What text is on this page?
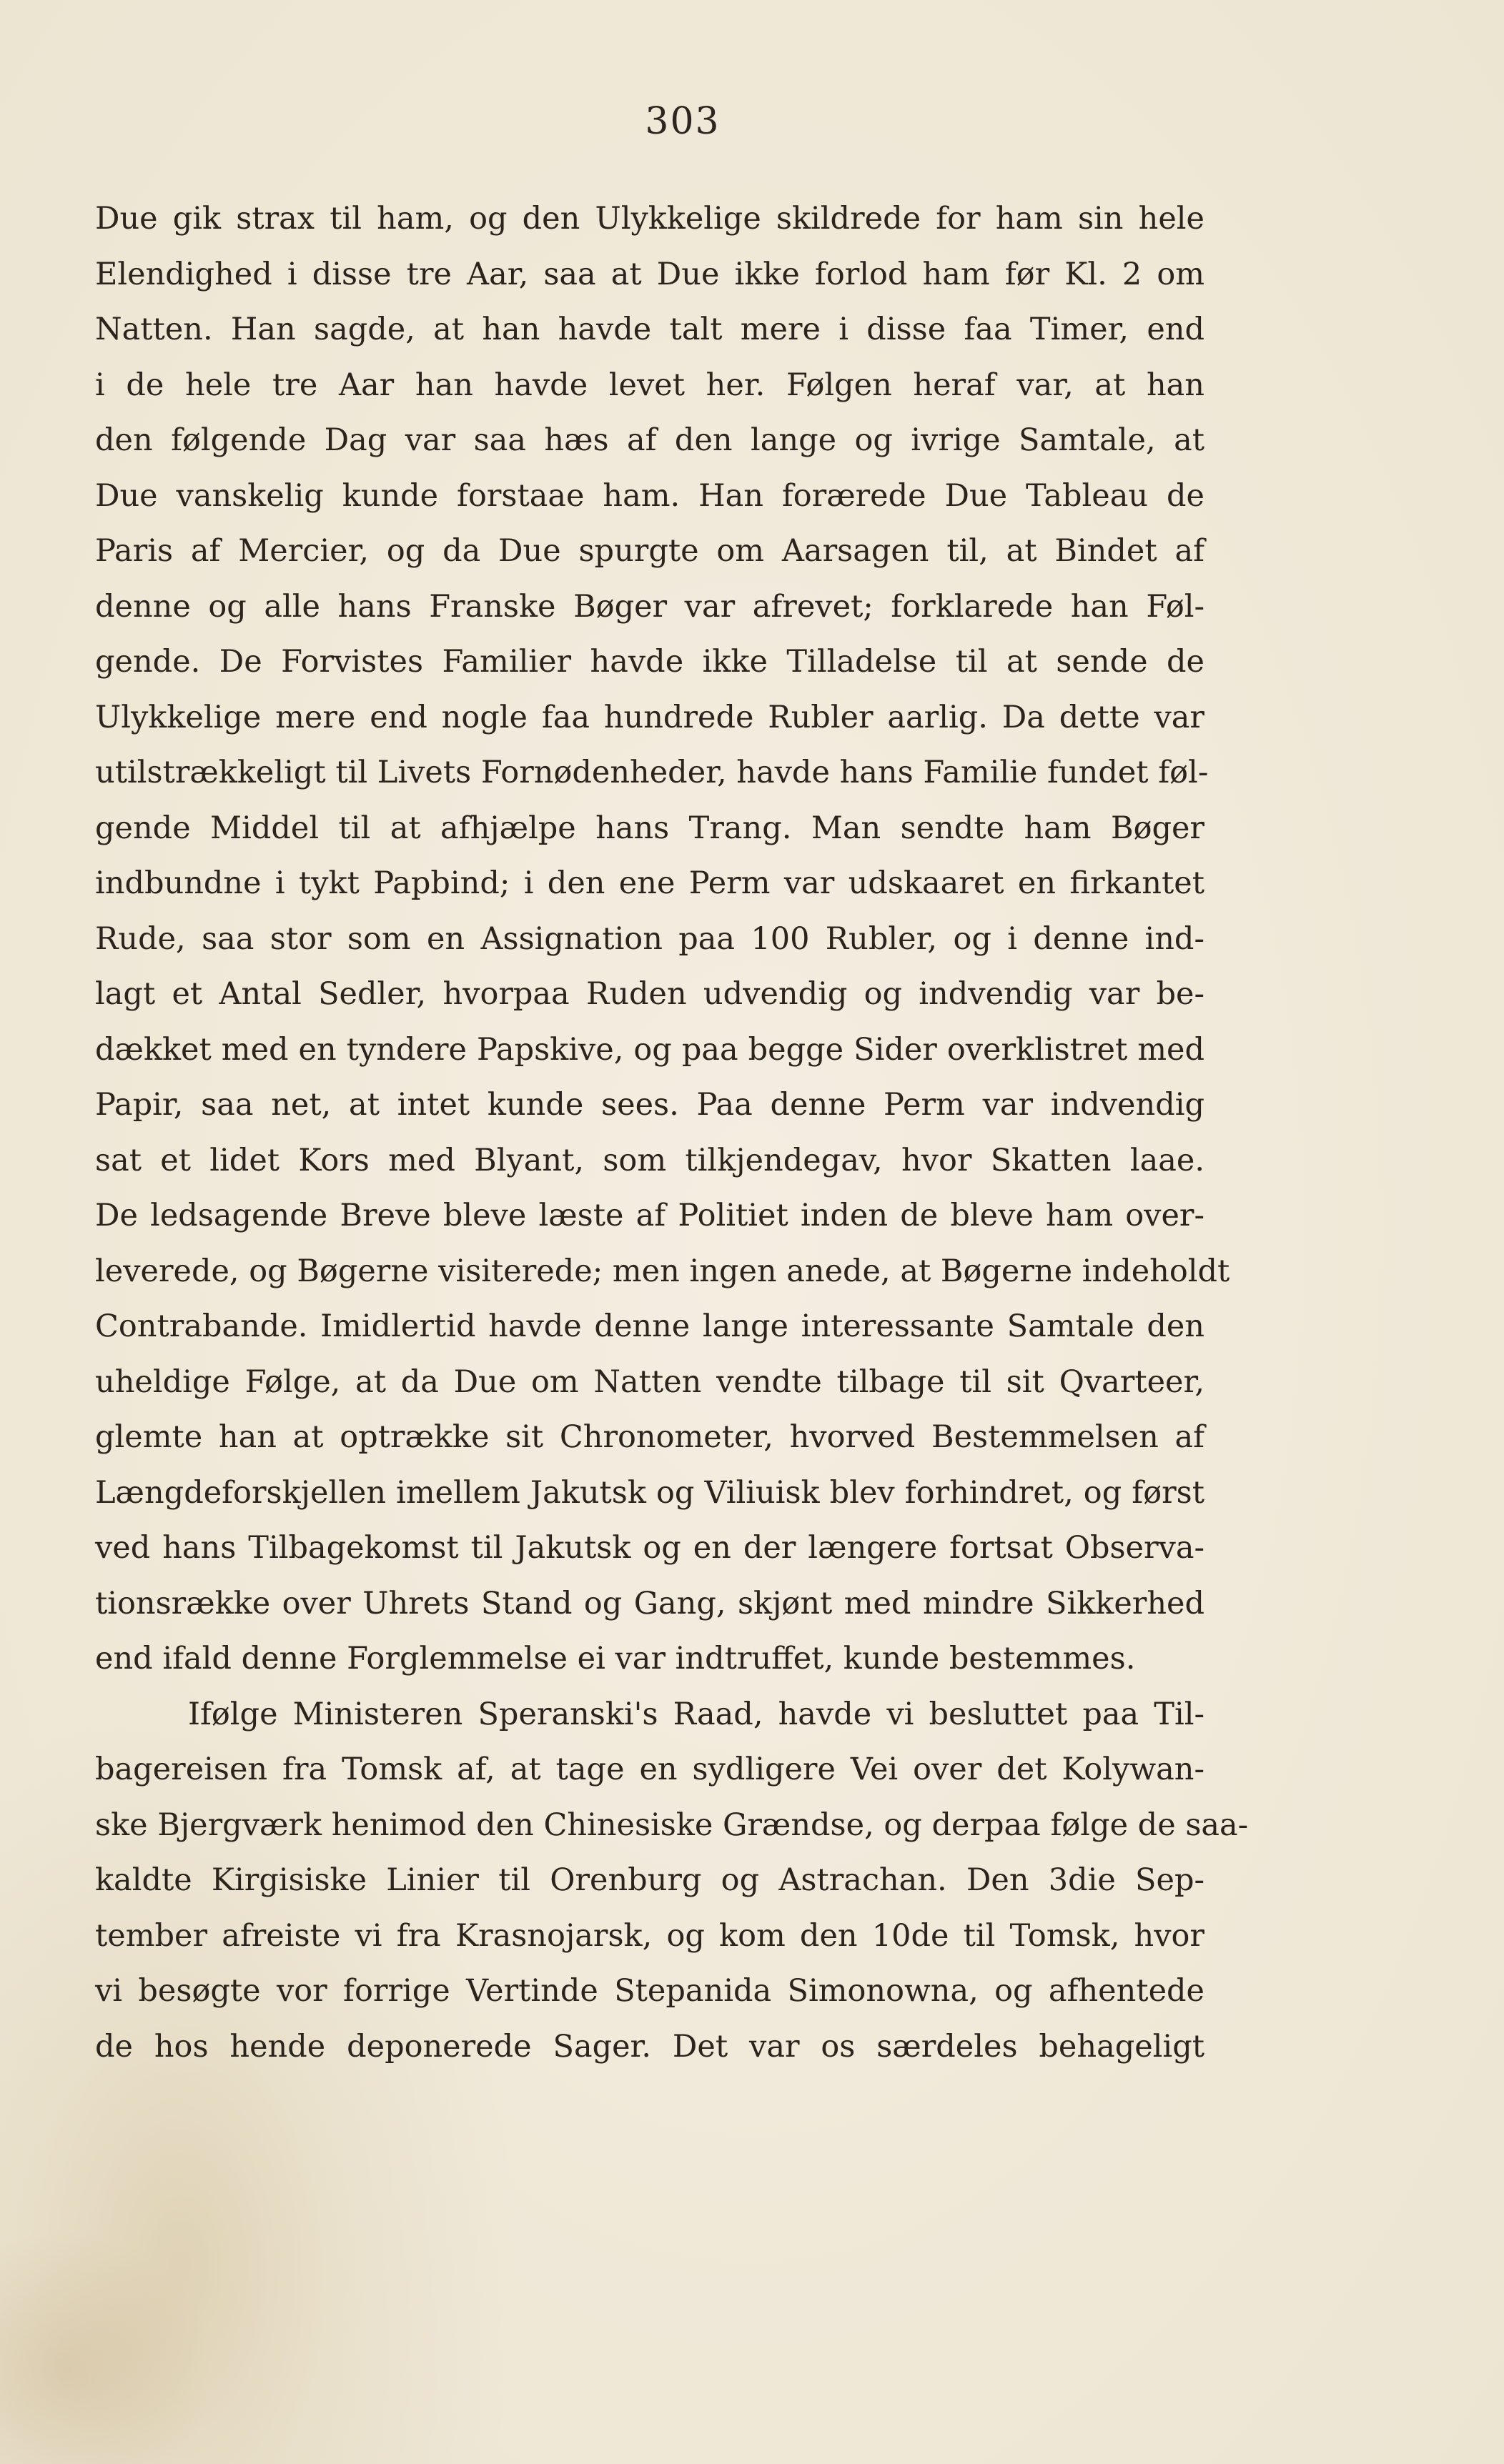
303
Due gik strax til ham, og den Ulykkelige skildrede for ham sin hele
Elendighed i disse tre Aar, saa at Due ikke forlod ham før Kl. 2 om
Natten. Han sagde, at han havde talt mere i disse faa Timer, end
i de hele tre Aar han havde levet her. Følgen heraf var, at han
den følgende Dag var saa hæs af den lange og ivrige Samtale, at
Due vanskelig kunde forstaae ham. Han forærede Due Tableau de
Paris af Mercier, og da Due spurgte om Aarsagen til, at Bindet af
denne og alle hans Franske Bøger var afrevet; forklarede han Føl-
gende. De Forvistes Familier havde ikke Tilladelse til at sende de
Ulykkelige mere end nogle faa hundrede Rubler aarlig. Da dette var
utilstrækkeligt til Livets Fornødenheder, havde hans Familie fundet føl-
gende Middel til at afhjælpe hans Trang. Man sendte ham Bøger
indbundne i tykt Papbind; i den ene Perm var udskaaret en firkantet
Rude, saa stor som en Assignation paa 100 Rubler, og i denne ind-
lagt et Antal Sedler, hvorpaa Ruden udvendig og indvendig var be-
dækket med en tyndere Papskive, og paa begge Sider overklistret med
Papir, saa net, at intet kunde sees. Paa denne Perm var indvendig
sat et lidet Kors med Blyant, som tilkjendegav, hvor Skatten laae.
De ledsagende Breve bleve læste af Politiet inden de bleve ham over-
leverede, og Bøgerne visiterede; men ingen anede, at Bøgerne indeholdt
Contrabande. Imidlertid havde denne lange interessante Samtale den
uheldige Følge, at da Due om Natten vendte tilbage til sit Qvarteer,
glemte han at optrække sit Chronometer, hvorved Bestemmelsen af
Længdeforskjellen imellem Jakutsk og Viliuisk blev forhindret, og først
ved hans Tilbagekomst til Jakutsk og en der længere fortsat Observa-
tionsrække over Uhrets Stand og Gang, skjønt med mindre Sikkerhed
end ifald denne Forglemmelse ei var indtruffet, kunde bestemmes.
Ifølge Ministeren Speranski's Raad, havde vi besluttet paa Til-
bagereisen fra Tomsk af, at tage en sydligere Vei over det Kolywan-
ske Bjergværk henimod den Chinesiske Grændse, og derpaa følge de saa-
kaldte Kirgisiske Linier til Orenburg og Astrachan. Den 3die Sep-
tember afreiste vi fra Krasnojarsk, og kom den 10de til Tomsk, hvor
vi besøgte vor forrige Vertinde Stepanida Simonowna, og afhentede
de hos hende deponerede Sager. Det var os særdeles behageligt
